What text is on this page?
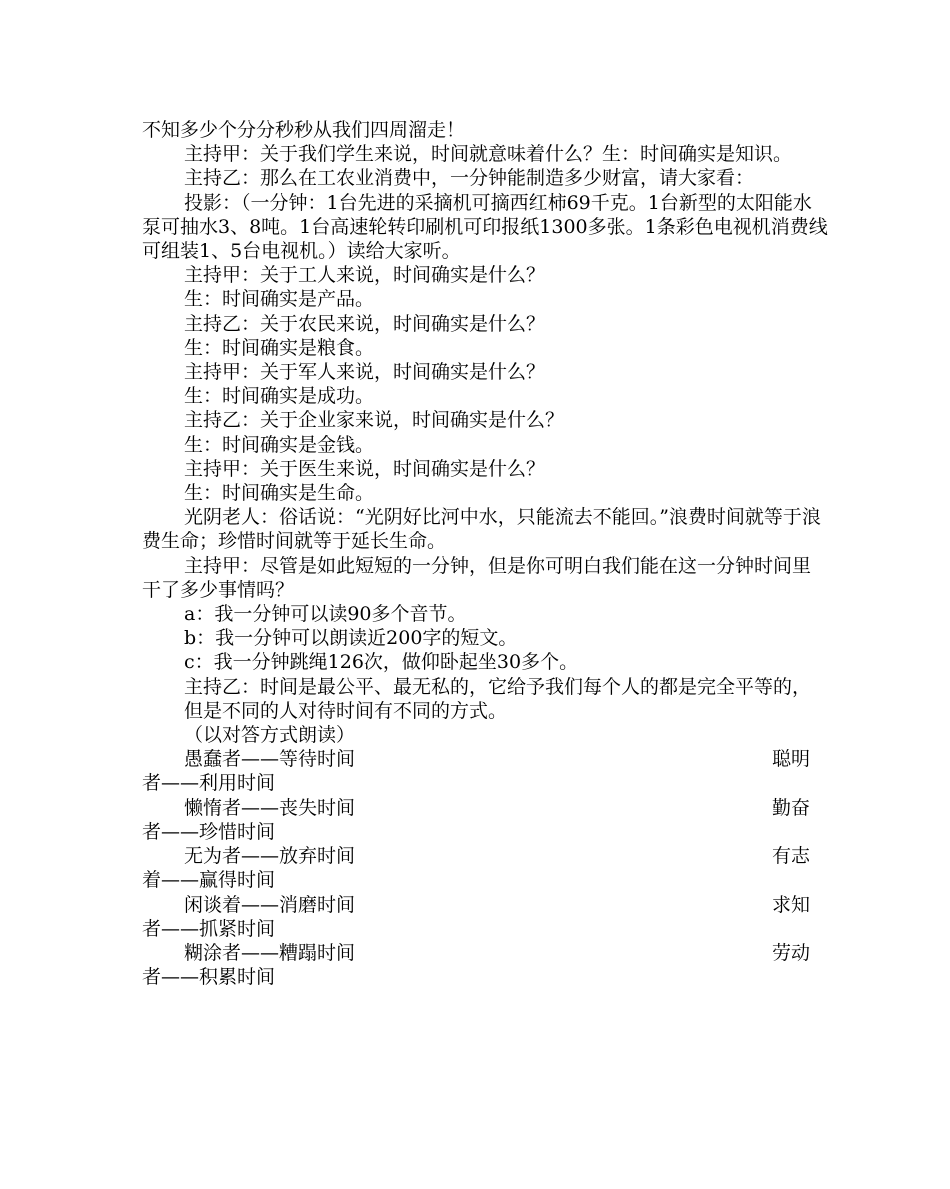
不知多少个分分秒秒从我们四周溜走！

主持甲：关于我们学生来说，时间就意味着什么？生：时间确实是知识。

主持乙：那么在工农业消费中，一分钟能制造多少财富，请大家看：

投影：（一分钟：1台先进的采摘机可摘西红柿69千克。1台新型的太阳能水泵可抽水3、8吨。1台高速轮转印刷机可印报纸1300多张。1条彩色电视机消费线可组装1、5台电视机。）读给大家听。

主持甲：关于工人来说，时间确实是什么？

生：时间确实是产品。

主持乙：关于农民来说，时间确实是什么？

生：时间确实是粮食。

主持甲：关于军人来说，时间确实是什么？

生：时间确实是成功。

主持乙：关于企业家来说，时间确实是什么？

生：时间确实是金钱。

主持甲：关于医生来说，时间确实是什么？

生：时间确实是生命。

光阴老人：俗话说：“光阴好比河中水，只能流去不能回。”浪费时间就等于浪费生命；珍惜时间就等于延长生命。

主持甲：尽管是如此短短的一分钟，但是你可明白我们能在这一分钟时间里干了多少事情吗？

a：我一分钟可以读90多个音节。

b：我一分钟可以朗读近200字的短文。

c：我一分钟跳绳126次，做仰卧起坐30多个。

主持乙：时间是最公平、最无私的，它给予我们每个人的都是完全平等的，

但是不同的人对待时间有不同的方式。

（以对答方式朗读）

愚蠢者——等待时间	聪明

者——利用时间

懒惰者——丧失时间	勤奋

者——珍惜时间

无为者——放弃时间	有志

着——赢得时间

闲谈着——消磨时间	求知

者——抓紧时间

糊涂者——糟蹋时间	劳动

者——积累时间
